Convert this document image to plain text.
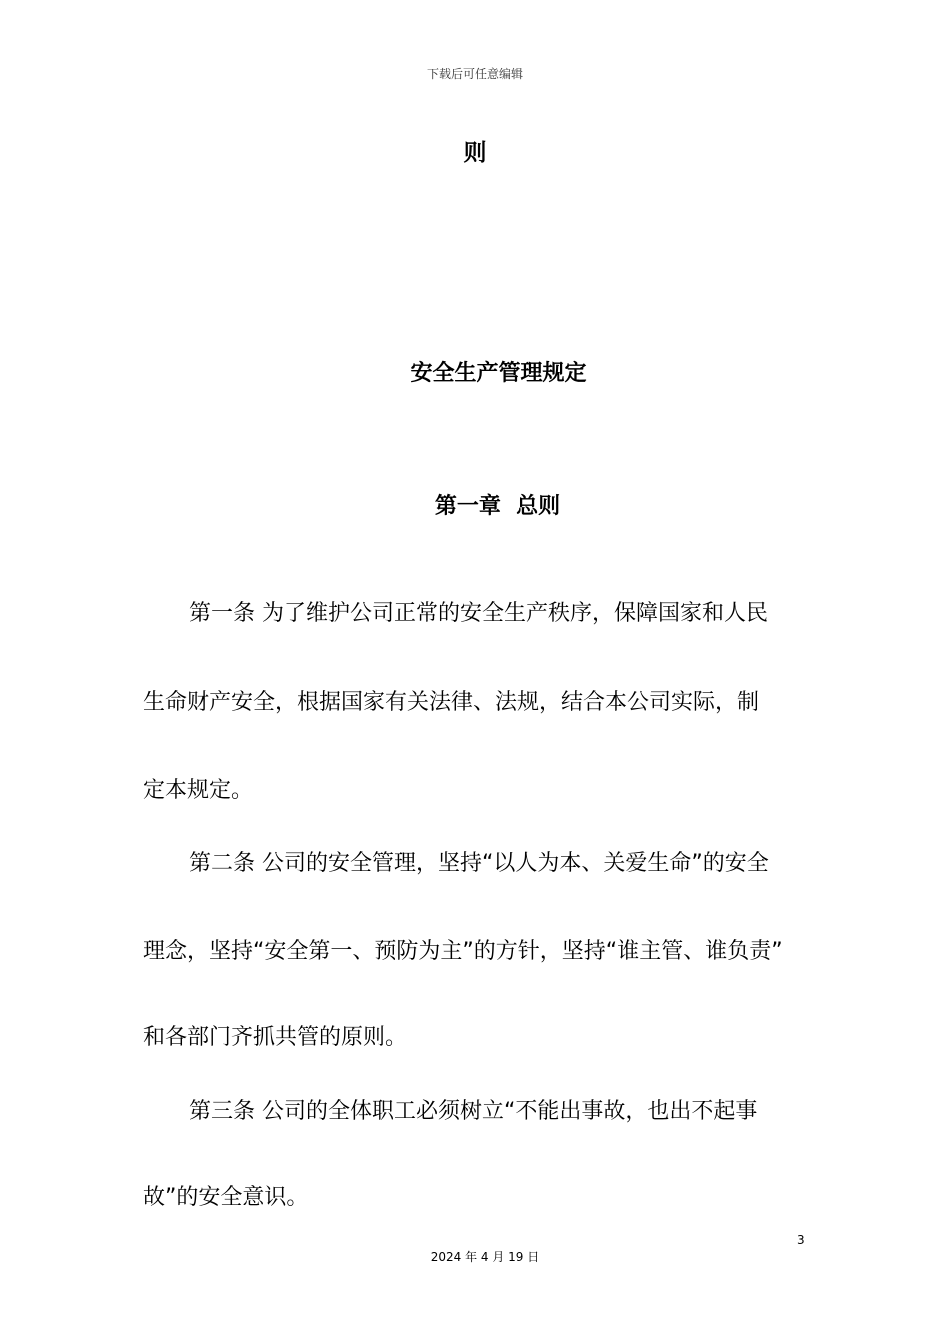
下载后可任意编辑
则
安全生产管理规定
第一章 总则
第一条 为了维护公司正常的安全生产秩序，保障国家和人民
生命财产安全，根据国家有关法律、法规，结合本公司实际，制
定本规定。
第二条 公司的安全管理，坚持“以人为本、关爱生命”的安全
理念，坚持“安全第一、预防为主”的方针，坚持“谁主管、谁负责”
和各部门齐抓共管的原则。
第三条 公司的全体职工必须树立“不能出事故，也出不起事
故”的安全意识。
3
2024 年 4 月 19 日
